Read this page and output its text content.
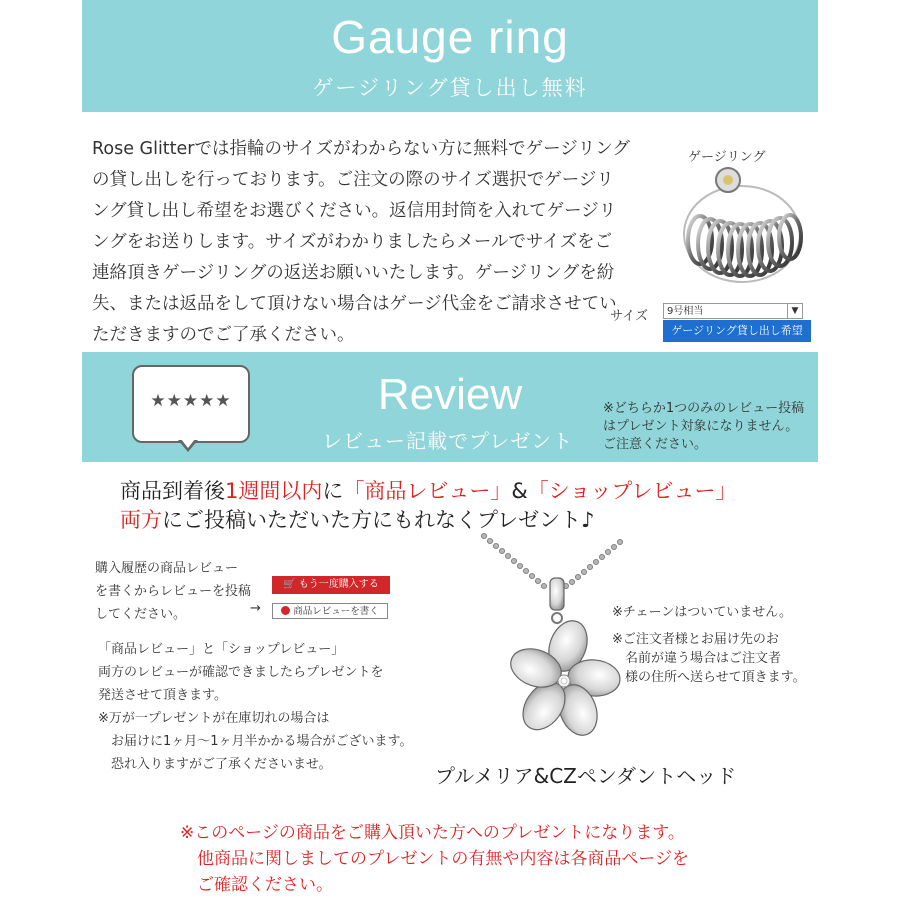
Gauge ring
ゲージリング貸し出し無料
Rose Glitterでは指輪のサイズがわからない方に無料でゲージリング
の貸し出しを行っております。ご注文の際のサイズ選択でゲージリ
ング貸し出し希望をお選びください。返信用封筒を入れてゲージリ
ングをお送りします。サイズがわかりましたらメールでサイズをご
連絡頂きゲージリングの返送お願いいたします。ゲージリングを紛
失、または返品をして頂けない場合はゲージ代金をご請求させてい
ただきますのでご了承ください。
ゲージリング
サイズ	9号相当	▼
ゲージリング貸し出し希望
Review
レビュー記載でプレゼント
※どちらか1つのみのレビュー投稿はプレゼント対象になりません。ご注意ください。
★★★★★
商品到着後1週間以内に「商品レビュー」&「ショップレビュー」
両方にご投稿いただいた方にもれなくプレゼント♪
購入履歴の商品レビュー
を書くからレビューを投稿
してください。
🛒 もう一度購入する
→	商品レビューを書く
「商品レビュー」と「ショップレビュー」
両方のレビューが確認できましたらプレゼントを
発送させて頂きます。
※万が一プレゼントが在庫切れの場合は
　お届けに1ヶ月〜1ヶ月半かかる場合がございます。
　恐れ入りますがご了承くださいませ。
※チェーンはついていません。
※ご注文者様とお届け先のお
　名前が違う場合はご注文者
　様の住所へ送らせて頂きます。
プルメリア&CZペンダントヘッド
※このページの商品をご購入頂いた方へのプレゼントになります。
　他商品に関しましてのプレゼントの有無や内容は各商品ページを
　ご確認ください。
